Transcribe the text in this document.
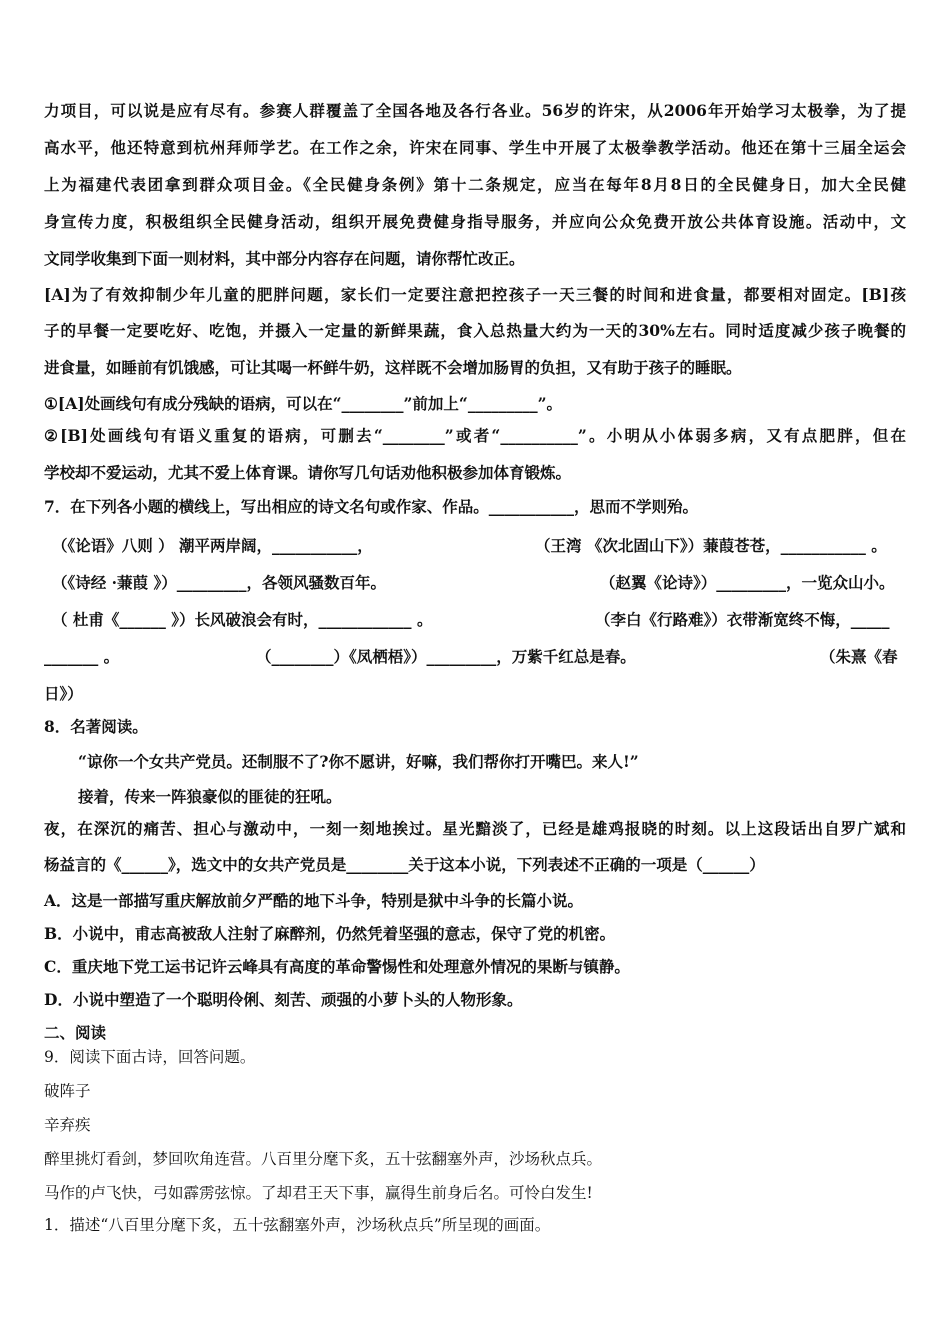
力项目，可以说是应有尽有。参赛人群覆盖了全国各地及各行各业。56岁的许宋，从2006年开始学习太极拳，为了提
高水平，他还特意到杭州拜师学艺。在工作之余，许宋在同事、学生中开展了太极拳教学活动。他还在第十三届全运会
上为福建代表团拿到群众项目金。《全民健身条例》第十二条规定，应当在每年8月8日的全民健身日，加大全民健
身宣传力度，积极组织全民健身活动，组织开展免费健身指导服务，并应向公众免费开放公共体育设施。活动中，文
文同学收集到下面一则材料，其中部分内容存在问题，请你帮忙改正。
[A]为了有效抑制少年儿童的肥胖问题，家长们一定要注意把控孩子一天三餐的时间和进食量，都要相对固定。[B]孩
子的早餐一定要吃好、吃饱，并摄入一定量的新鲜果蔬，食入总热量大约为一天的30%左右。同时适度减少孩子晚餐的
进食量，如睡前有饥饿感，可让其喝一杯鲜牛奶，这样既不会增加肠胃的负担，又有助于孩子的睡眠。
①[A]处画线句有成分残缺的语病，可以在“________”前加上“_________”。
②[B]处画线句有语义重复的语病，可删去“________”或者“__________”。小明从小体弱多病，又有点肥胖，但在
学校却不爱运动，尤其不爱上体育课。请你写几句话劝他积极参加体育锻炼。
7．在下列各小题的横线上，写出相应的诗文名句或作家、作品。___________，思而不学则殆。
（《论语》八则 ） 潮平两岸阔，___________，	（王湾 《次北固山下》）蒹葭苍苍，___________ 。
（《诗经 ·蒹葭 》）_________，各领风骚数百年。	（赵翼《论诗》）_________，一览众山小。
（ 杜甫《______ 》）长风破浪会有时，____________ 。	（李白《行路难》）衣带渐宽终不悔，_____
_______ 。	（________）《凤栖梧》）_________，万紫千红总是春。	（朱熹《春
日》）
8．名著阅读。
“谅你一个女共产党员。还制服不了?你不愿讲，好嘛，我们帮你打开嘴巴。来人!”
接着，传来一阵狼豪似的匪徒的狂吼。
夜，在深沉的痛苦、担心与激动中，一刻一刻地挨过。星光黯淡了，已经是雄鸡报晓的时刻。以上这段话出自罗广斌和
杨益言的《______》，选文中的女共产党员是________关于这本小说，下列表述不正确的一项是（______）
A．这是一部描写重庆解放前夕严酷的地下斗争，特别是狱中斗争的长篇小说。
B．小说中，甫志高被敌人注射了麻醉剂，仍然凭着坚强的意志，保守了党的机密。
C．重庆地下党工运书记许云峰具有高度的革命警惕性和处理意外情况的果断与镇静。
D．小说中塑造了一个聪明伶俐、刻苦、顽强的小萝卜头的人物形象。
二、阅读
9．阅读下面古诗，回答问题。
破阵子
辛弃疾
醉里挑灯看剑，梦回吹角连营。八百里分麾下炙，五十弦翻塞外声，沙场秋点兵。
马作的卢飞快，弓如霹雳弦惊。了却君王天下事，赢得生前身后名。可怜白发生!
1．描述“八百里分麾下炙，五十弦翻塞外声，沙场秋点兵”所呈现的画面。
